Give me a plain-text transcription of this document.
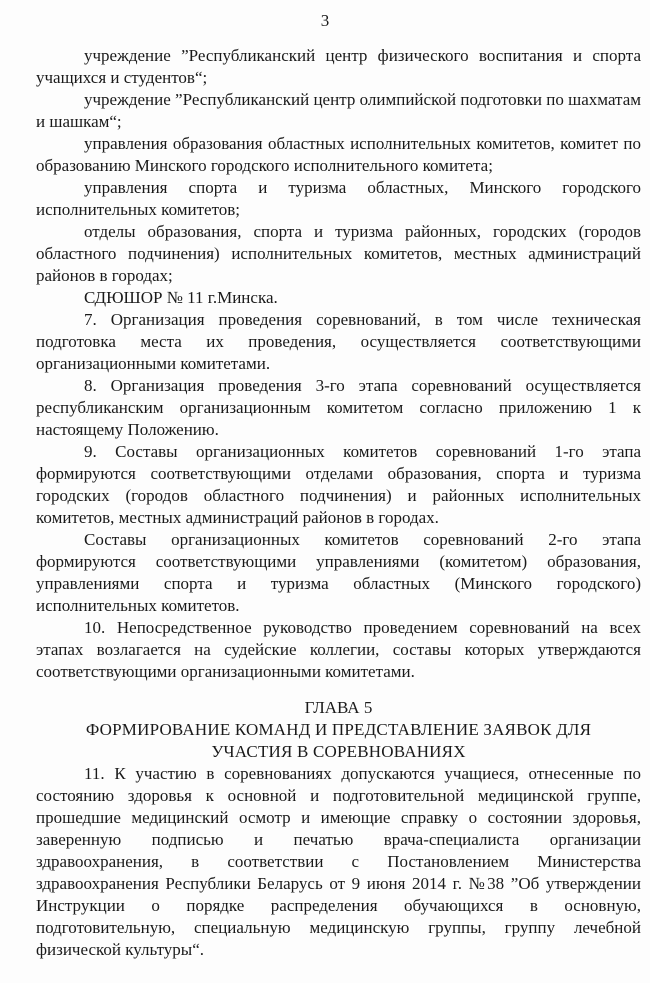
3

учреждение ”Республиканский центр физического воспитания и спорта учащихся и студентов“;

учреждение ”Республиканский центр олимпийской подготовки по шахматам и шашкам“;

управления образования областных исполнительных комитетов, комитет по образованию Минского городского исполнительного комитета;

управления спорта и туризма областных, Минского городского исполнительных комитетов;

отделы образования, спорта и туризма районных, городских (городов областного подчинения) исполнительных комитетов, местных администраций районов в городах;

СДЮШОР № 11 г.Минска.

7. Организация проведения соревнований, в том числе техническая подготовка места их проведения, осуществляется соответствующими организационными комитетами.

8. Организация проведения 3-го этапа соревнований осуществляется республиканским организационным комитетом согласно приложению 1 к настоящему Положению.

9. Составы организационных комитетов соревнований 1-го этапа формируются соответствующими отделами образования, спорта и туризма городских (городов областного подчинения) и районных исполнительных комитетов, местных администраций районов в городах.

Составы организационных комитетов соревнований 2-го этапа формируются соответствующими управлениями (комитетом) образования, управлениями спорта и туризма областных (Минского городского) исполнительных комитетов.

10. Непосредственное руководство проведением соревнований на всех этапах возлагается на судейские коллегии, составы которых утверждаются соответствующими организационными комитетами.

ГЛАВА 5
ФОРМИРОВАНИЕ КОМАНД И ПРЕДСТАВЛЕНИЕ ЗАЯВОК ДЛЯ
УЧАСТИЯ В СОРЕВНОВАНИЯХ

11. К участию в соревнованиях допускаются учащиеся, отнесенные по состоянию здоровья к основной и подготовительной медицинской группе, прошедшие медицинский осмотр и имеющие справку о состоянии здоровья, заверенную подписью и печатью врача-специалиста организации здравоохранения, в соответствии с Постановлением Министерства здравоохранения Республики Беларусь от 9 июня 2014 г. №38 ”Об утверждении Инструкции о порядке распределения обучающихся в основную, подготовительную, специальную медицинскую группы, группу лечебной физической культуры“.
